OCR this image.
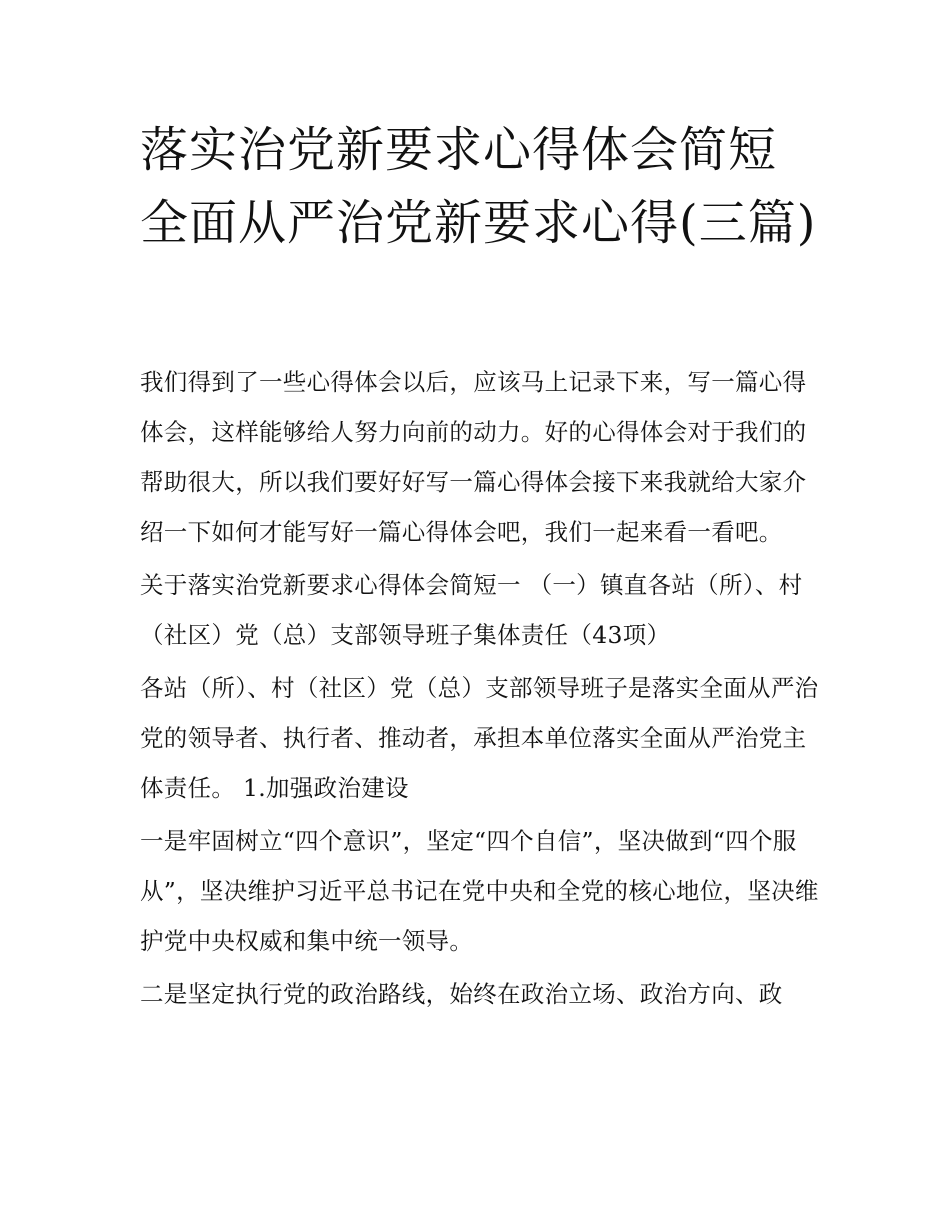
落实治党新要求心得体会简短全面从严治党新要求心得(三篇)

我们得到了一些心得体会以后，应该马上记录下来，写一篇心得体会，这样能够给人努力向前的动力。好的心得体会对于我们的帮助很大，所以我们要好好写一篇心得体会接下来我就给大家介绍一下如何才能写好一篇心得体会吧，我们一起来看一看吧。

关于落实治党新要求心得体会简短一 （一）镇直各站（所）、村（社区）党（总）支部领导班子集体责任（43项）

各站（所）、村（社区）党（总）支部领导班子是落实全面从严治党的领导者、执行者、推动者，承担本单位落实全面从严治党主体责任。 1.加强政治建设

一是牢固树立“四个意识”，坚定“四个自信”，坚决做到“四个服从”，坚决维护习近平总书记在党中央和全党的核心地位，坚决维护党中央权威和集中统一领导。

二是坚定执行党的政治路线，始终在政治立场、政治方向、政
